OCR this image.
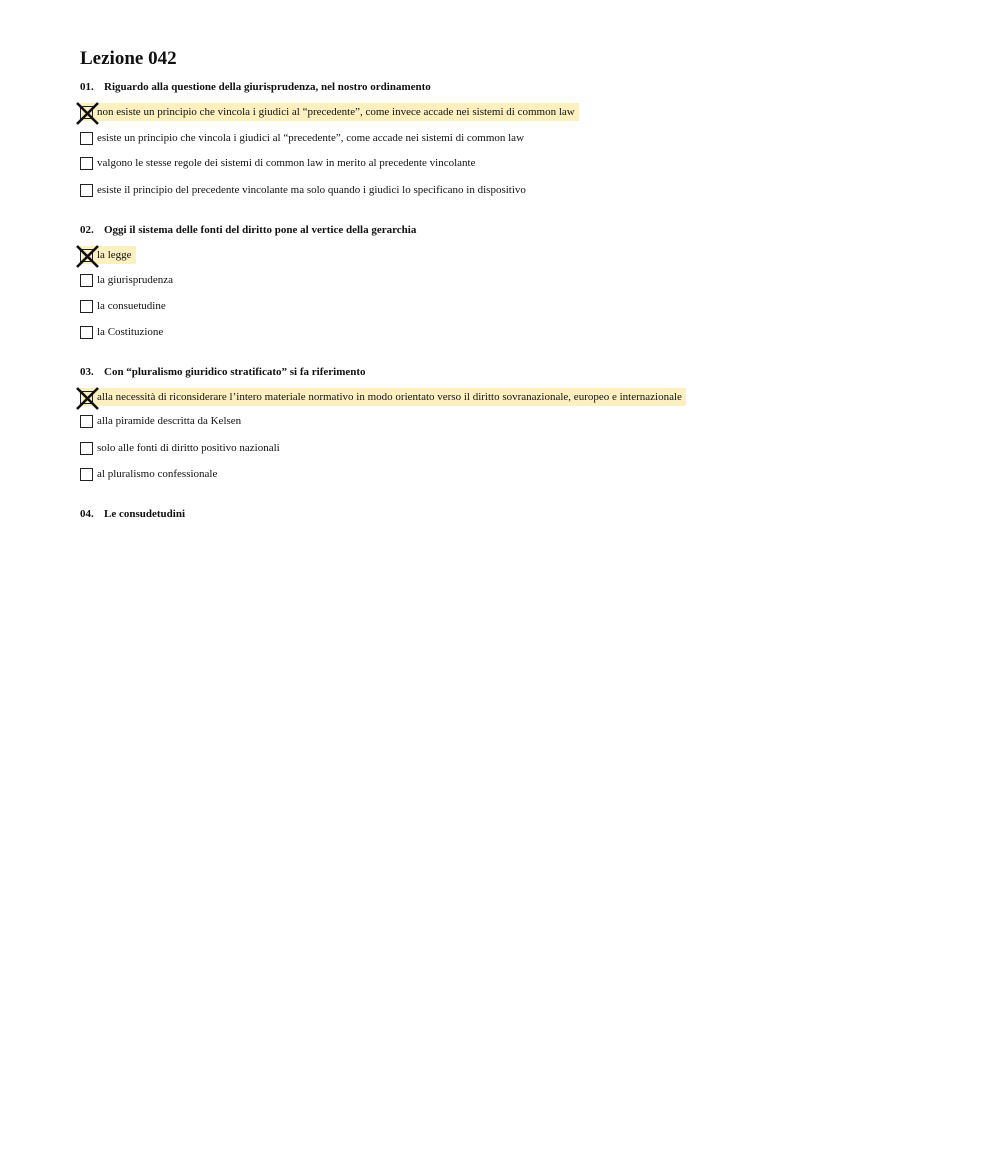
Lezione 042

01. Riguardo alla questione della giurisprudenza, nel nostro ordinamento

non esiste un principio che vincola i giudici al “precedente”, come invece accade nei sistemi di common law
esiste un principio che vincola i giudici al “precedente”, come accade nei sistemi di common law
valgono le stesse regole dei sistemi di common law in merito al precedente vincolante
esiste il principio del precedente vincolante ma solo quando i giudici lo specificano in dispositivo

02. Oggi il sistema delle fonti del diritto pone al vertice della gerarchia

la legge
la giurisprudenza
la consuetudine
la Costituzione

03. Con “pluralismo giuridico stratificato” si fa riferimento

alla necessità di riconsiderare l’intero materiale normativo in modo orientato verso il diritto sovranazionale, europeo e internazionale
alla piramide descritta da Kelsen
solo alle fonti di diritto positivo nazionali
al pluralismo confessionale

04. Le consudetudini
